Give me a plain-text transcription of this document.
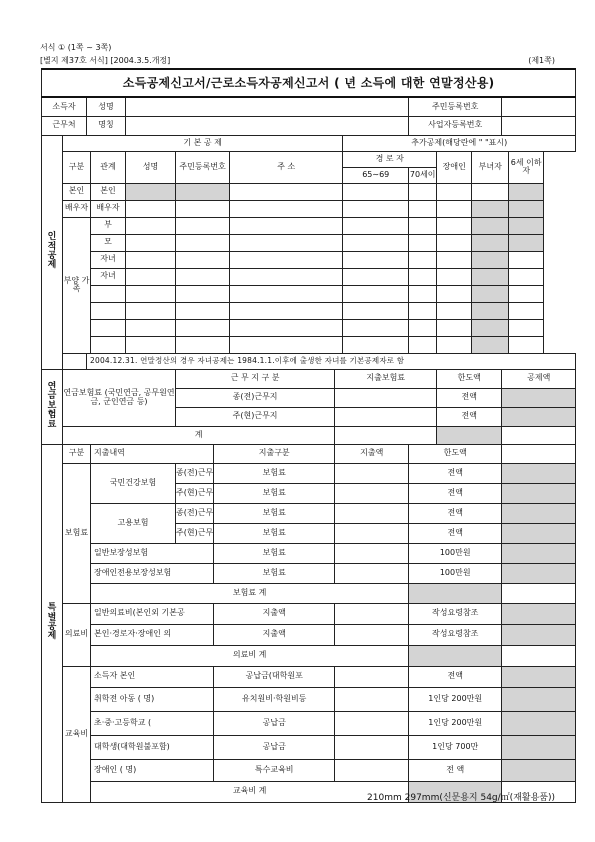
서식 ① (1쪽 ~ 3쪽)
[별지 제37호 서식] [2004.3.5.개정]	(제1쪽)
소득공제신고서/근로소득자공제신고서 ( 년 소득에 대한 연말정산용)														
소득자		성명								주민등록번호				
근무처		명칭								사업자등록번호				
인 적 공 제	기 본 공 제								추가공제(해당란에 " "표시)					
	구분		관계	성명	주민등록번호		주 소		경 로 자		장애인	부녀자		6세 이하자
									65∼69	70세이				
	본인		본인											
	배우자		배우자											
	부양 가족		부											
			모											
			자녀											
			자녀											

		2004.12.31. 연말정산의 경우 자녀공제는 1984.1.1.이후에 출생한 자녀를 기본공제자로 함												
연 금 보 험 료	연금보험료 (국민연금, 공무원연금, 군인연금 등)				근 무 지 구 분			지출보험료			한도액		공제액	
					종(전)근무지						전액			
					주(현)근무지						전액			
	계													
특 별 공 제	구분		지출내역			지출구분		지출액		한도액				
	보험료		국민건강보험		종(전)근무	보험료				전액				
					주(현)근무	보험료				전액				
			고용보험		종(전)근무	보험료				전액				
					주(현)근무	보험료				전액				
			일반보장성보험			보험료				100만원				
			장애인전용보장성보험			보험료				100만원				
			보험료 계											
	의료비		일반의료비(본인외 기본공			지출액				작성요령참조				
			본인·경로자·장애인 의			지출액				작성요령참조				
			의료비 계											
	교육비		소득자 본인			공납금(대학원포				전액				
			취학전 아동 ( 명)			유치원비·학원비등				1인당 200만원				
			초·중·고등학교 (			공납금				1인당 200만원				
			대학생(대학원불포함)			공납금				1인당 700만				
			장애인 ( 명)			특수교육비				전 액				
			교육비 계											
210mm 297mm(신문용지 54g/㎡(재활용품))
